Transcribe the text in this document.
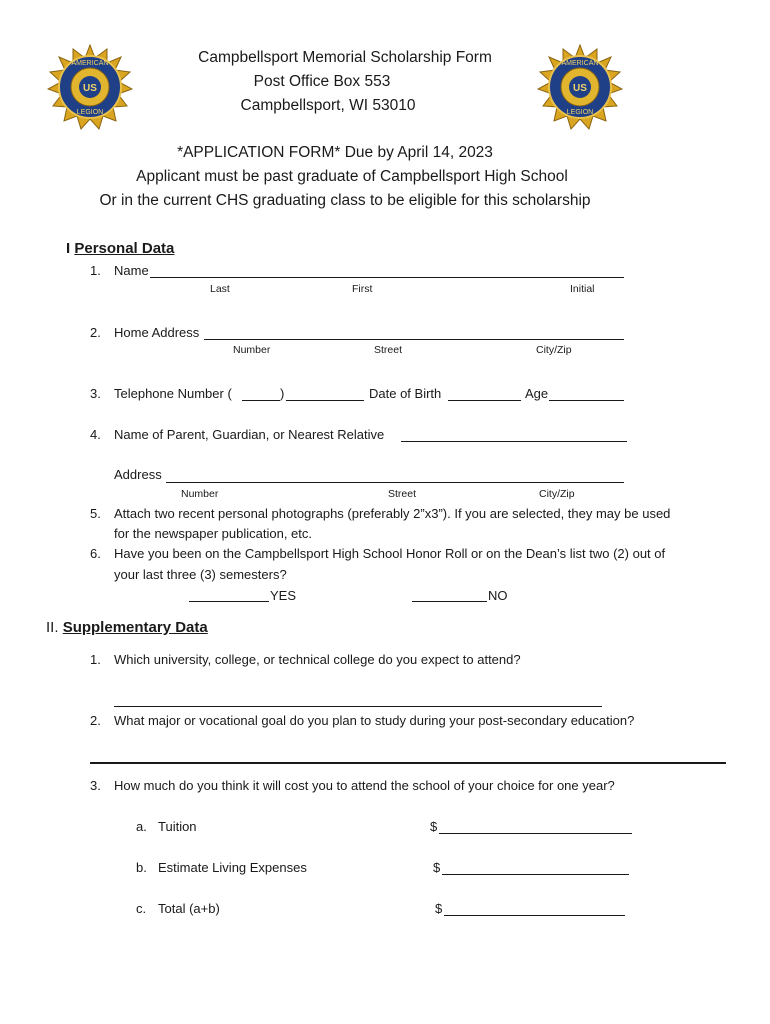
US
AMERICAN
LEGION
US
AMERICAN
LEGION
Campbellsport Memorial Scholarship Form
Post Office Box 553
Campbellsport, WI 53010
*APPLICATION FORM* Due by April 14, 2023
Applicant must be past graduate of Campbellsport High School
Or in the current CHS graduating class to be eligible for this scholarship
I Personal Data
1. Name
Last	First	Initial
2. Home Address
Number	Street	City/Zip
3. Telephone Number (	)	Date of Birth	Age
4. Name of Parent, Guardian, or Nearest Relative
Address
Number	Street	City/Zip
5. Attach two recent personal photographs (preferably 2”x3”). If you are selected, they may be used
for the newspaper publication, etc.
6. Have you been on the Campbellsport High School Honor Roll or on the Dean’s list two (2) out of
your last three (3) semesters?
YES	NO
II. Supplementary Data
1. Which university, college, or technical college do you expect to attend?
2. What major or vocational goal do you plan to study during your post-secondary education?
3. How much do you think it will cost you to attend the school of your choice for one year?
a. Tuition	$
b. Estimate Living Expenses	$
c. Total (a+b)	$
